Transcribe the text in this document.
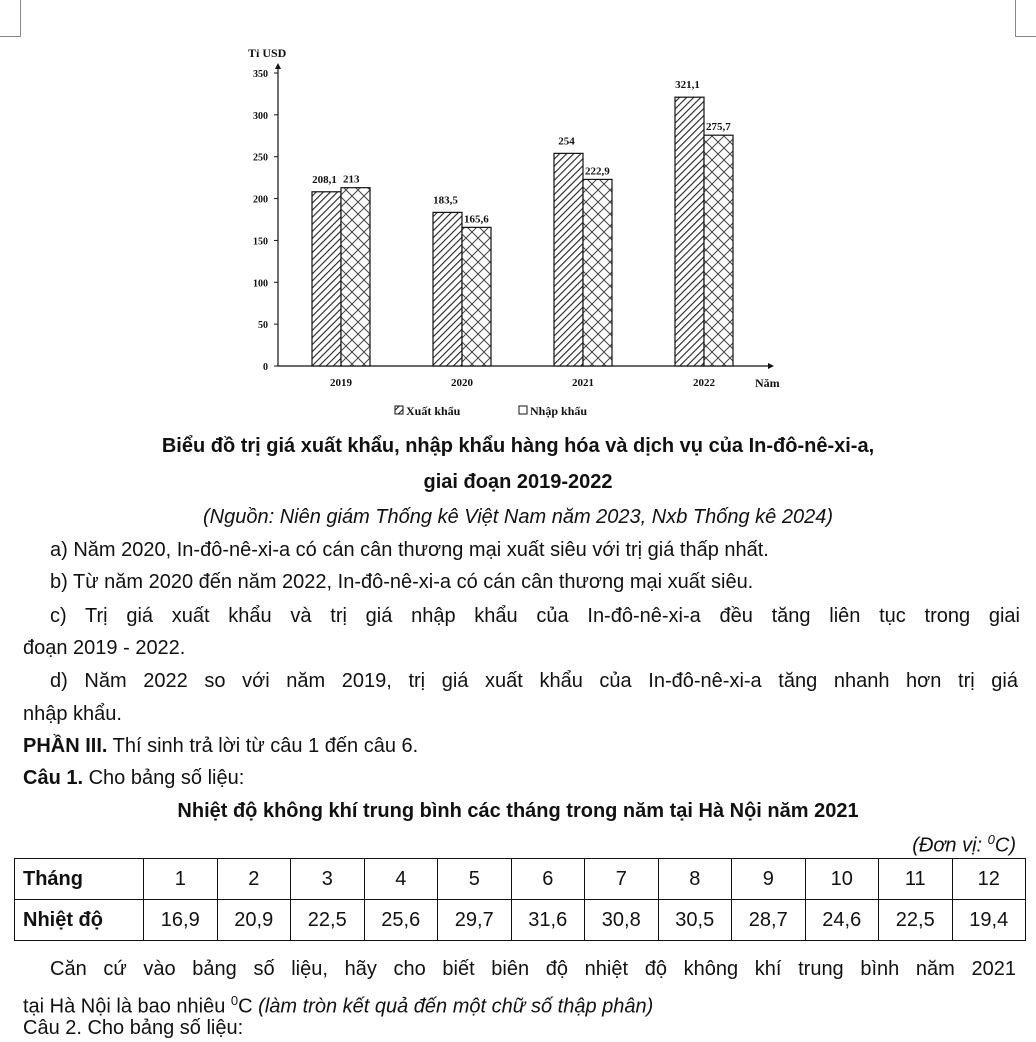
0
50
100
150
200
250
300
350
2019
208,1 213
2020
183,5
165,6
2021
254
222,9
2022
321,1
275,7
Tỉ USD
Năm
Xuất khẩu	Nhập khẩu
Biểu đồ trị giá xuất khẩu, nhập khẩu hàng hóa và dịch vụ của In-đô-nê-xi-a,
giai đoạn 2019-2022
(Nguồn: Niên giám Thống kê Việt Nam năm 2023, Nxb Thống kê 2024)
a) Năm 2020, In-đô-nê-xi-a có cán cân thương mại xuất siêu với trị giá thấp nhất.
b) Từ năm 2020 đến năm 2022, In-đô-nê-xi-a có cán cân thương mại xuất siêu.
c) Trị giá xuất khẩu và trị giá nhập khẩu của In-đô-nê-xi-a đều tăng liên tục trong giai
đoạn 2019 - 2022.
d) Năm 2022 so với năm 2019, trị giá xuất khẩu của In-đô-nê-xi-a tăng nhanh hơn trị giá
nhập khẩu.
PHẦN III. Thí sinh trả lời từ câu 1 đến câu 6.
Câu 1. Cho bảng số liệu:
Nhiệt độ không khí trung bình các tháng trong năm tại Hà Nội năm 2021
(Đơn vị: $^0$C)
Tháng	1	2	3	4	5	6	7	8	9	10	11	12
Nhiệt độ	16,9	20,9	22,5	25,6	29,7	31,6	30,8	30,5	28,7	24,6	22,5	19,4
Căn cứ vào bảng số liệu, hãy cho biết biên độ nhiệt độ không khí trung bình năm 2021
tại Hà Nội là bao nhiêu $^0$C (làm tròn kết quả đến một chữ số thập phân)
Câu 2. Cho bảng số liệu:
